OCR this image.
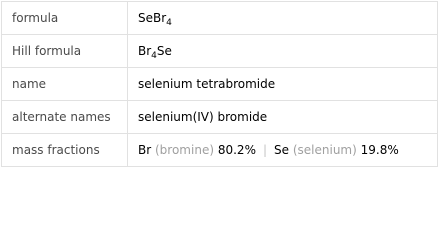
formula	SeBr$_4$
Hill formula	$Br_4Se$
name	selenium tetrabromide
alternate names	selenium(IV) bromide
mass fractions	Br (bromine) 80.2% | Se (selenium) 19.8%
